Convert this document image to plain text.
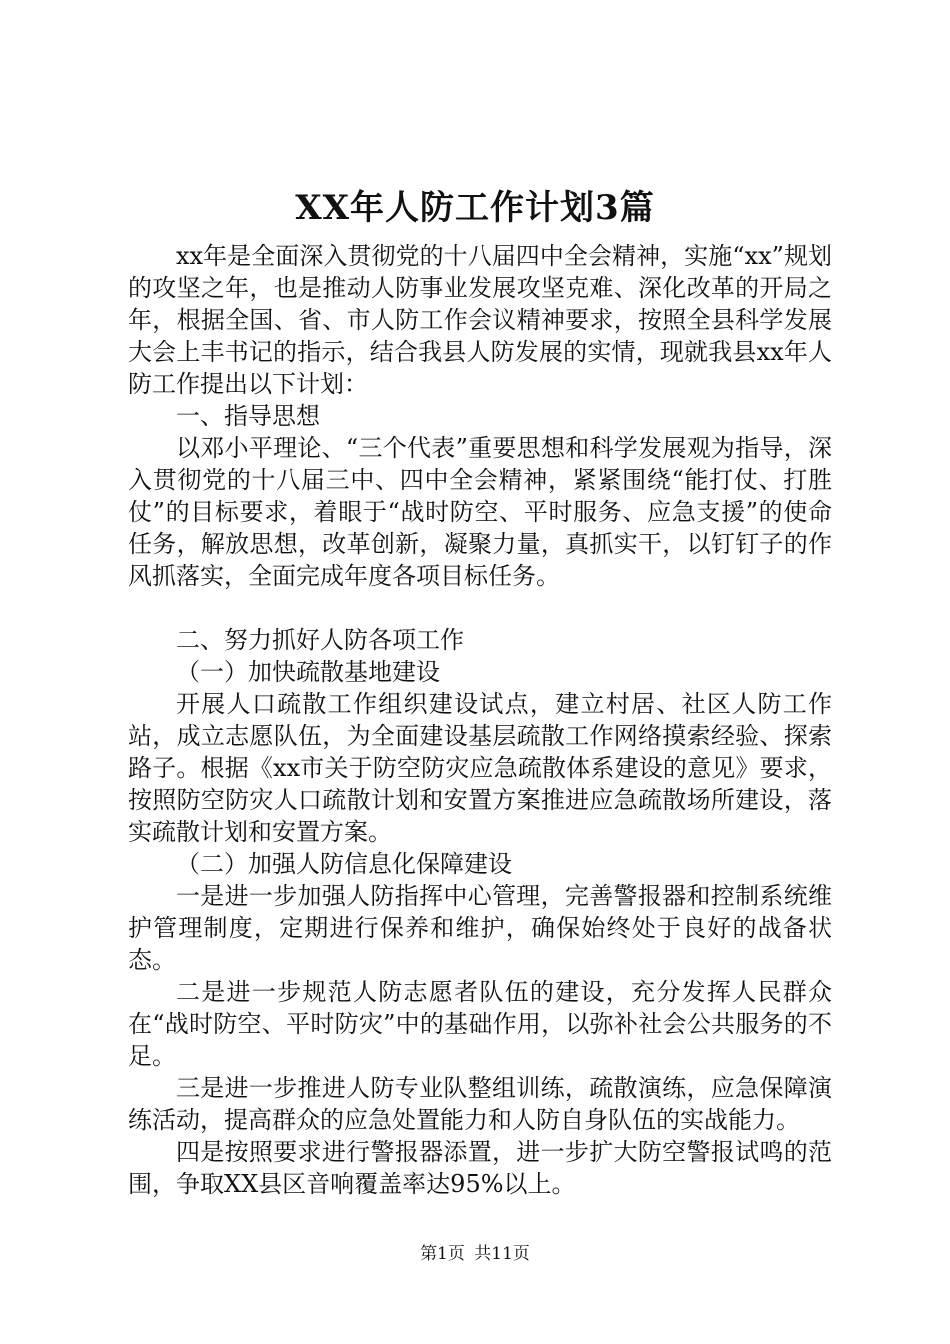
XX年人防工作计划3篇

xx年是全面深入贯彻党的十八届四中全会精神，实施“xx”规划的攻坚之年，也是推动人防事业发展攻坚克难、深化改革的开局之年，根据全国、省、市人防工作会议精神要求，按照全县科学发展大会上丰书记的指示，结合我县人防发展的实情，现就我县xx年人防工作提出以下计划：

一、指导思想

以邓小平理论、“三个代表”重要思想和科学发展观为指导，深入贯彻党的十八届三中、四中全会精神，紧紧围绕“能打仗、打胜仗”的目标要求，着眼于“战时防空、平时服务、应急支援”的使命任务，解放思想，改革创新，凝聚力量，真抓实干，以钉钉子的作风抓落实，全面完成年度各项目标任务。

二、努力抓好人防各项工作

（一）加快疏散基地建设

开展人口疏散工作组织建设试点，建立村居、社区人防工作站，成立志愿队伍，为全面建设基层疏散工作网络摸索经验、探索路子。根据《xx市关于防空防灾应急疏散体系建设的意见》要求，按照防空防灾人口疏散计划和安置方案推进应急疏散场所建设，落实疏散计划和安置方案。

（二）加强人防信息化保障建设

一是进一步加强人防指挥中心管理，完善警报器和控制系统维护管理制度，定期进行保养和维护，确保始终处于良好的战备状态。

二是进一步规范人防志愿者队伍的建设，充分发挥人民群众在“战时防空、平时防灾”中的基础作用，以弥补社会公共服务的不足。

三是进一步推进人防专业队整组训练，疏散演练，应急保障演练活动，提高群众的应急处置能力和人防自身队伍的实战能力。

四是按照要求进行警报器添置，进一步扩大防空警报试鸣的范围，争取XX县区音响覆盖率达95%以上。

第1页 共11页
